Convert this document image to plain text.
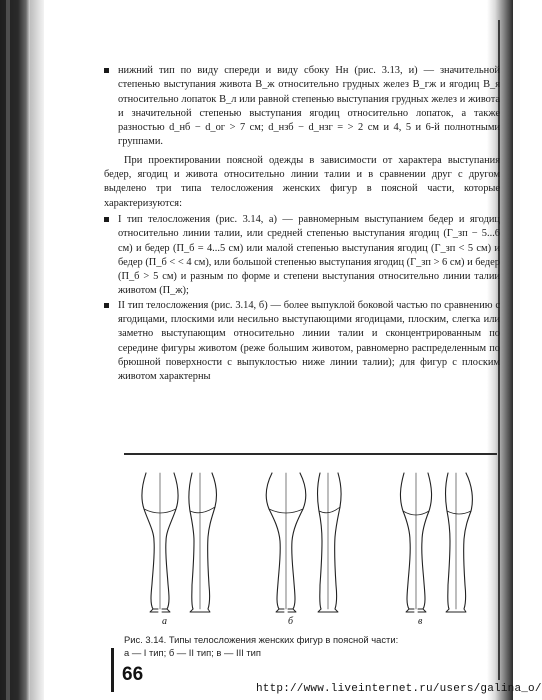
нижний тип по виду спереди и виду сбоку Нн (рис. 3.13, и) — значительной степенью выступания живота В_ж относительно грудных желез В_гж и ягодиц В_я относительно лопаток В_л или равной степенью выступания грудных желез и живота и значительной степенью выступания ягодиц относительно лопаток, а также разностью d_нб − d_ог > 7 см; d_нзб − d_нзг = > 2 см и 4, 5 и 6-й полнотными группами.

При проектировании поясной одежды в зависимости от характера выступания бедер, ягодиц и живота относительно линии талии и в сравнении друг с другом выделено три типа телосложения женских фигур в поясной части, которые характеризуются:

I тип телосложения (рис. 3.14, а) — равномерным выступанием бедер и ягодиц относительно линии талии, или средней степенью выступания ягодиц (Г_зп − 5...6 см) и бедер (П_б = 4...5 см) или малой степенью выступания ягодиц (Г_зп < 5 см) и бедер (П_б < < 4 см), или большой степенью выступания ягодиц (Г_зп > 6 см) и бедер (П_б > 5 см) и разным по форме и степени выступания относительно линии талии животом (П_ж);

II тип телосложения (рис. 3.14, б) — более выпуклой боковой частью по сравнению с ягодицами, плоскими или несильно выступающими ягодицами, плоским, слегка или заметно выступающим относительно линии талии и сконцентрированным по середине фигуры животом (реже большим животом, равномерно распределенным по брюшной поверхности с выпуклостью ниже линии талии); для фигур с плоским животом характерны

а	б	в

Рис. 3.14. Типы телосложения женских фигур в поясной части:

а — I тип; б — II тип; в — III тип

66
http://www.liveinternet.ru/users/galina_o/
